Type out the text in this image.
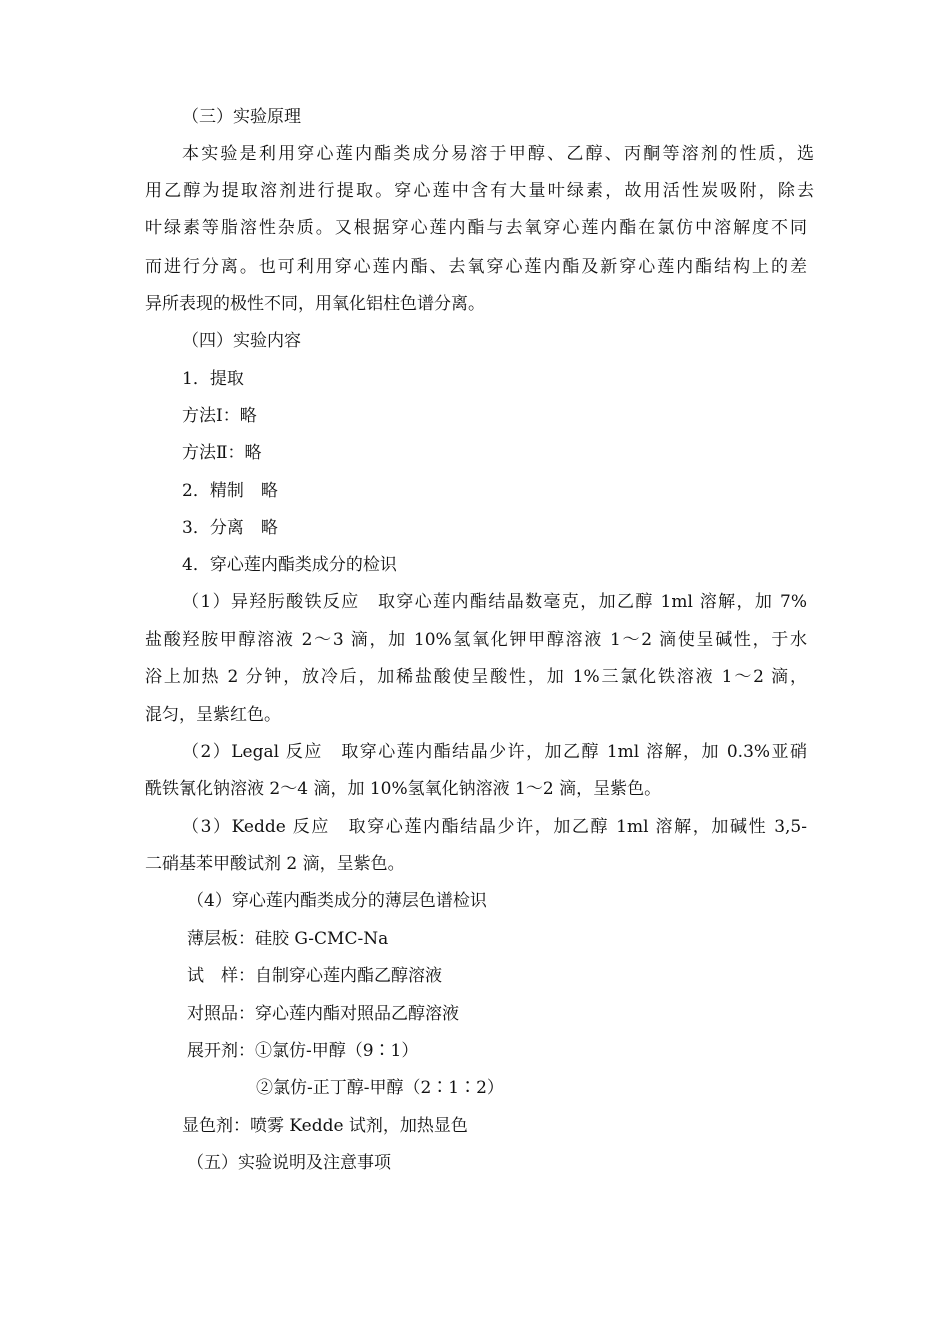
（三）实验原理
本实验是利用穿心莲内酯类成分易溶于甲醇、乙醇、丙酮等溶剂的性质，选
用乙醇为提取溶剂进行提取。穿心莲中含有大量叶绿素，故用活性炭吸附，除去
叶绿素等脂溶性杂质。又根据穿心莲内酯与去氧穿心莲内酯在氯仿中溶解度不同
而进行分离。也可利用穿心莲内酯、去氧穿心莲内酯及新穿心莲内酯结构上的差
异所表现的极性不同，用氧化铝柱色谱分离。
（四）实验内容
1．提取
方法Ⅰ：略
方法Ⅱ：略
2．精制　略
3．分离　略
4．穿心莲内酯类成分的检识
（1）异羟肟酸铁反应　取穿心莲内酯结晶数毫克，加乙醇 1ml 溶解，加 7%
盐酸羟胺甲醇溶液 2～3 滴，加 10%氢氧化钾甲醇溶液 1～2 滴使呈碱性，于水
浴上加热 2 分钟，放冷后，加稀盐酸使呈酸性，加 1%三氯化铁溶液 1～2 滴，
混匀，呈紫红色。
（2）Legal 反应　取穿心莲内酯结晶少许，加乙醇 1ml 溶解，加 0.3%亚硝
酰铁氰化钠溶液 2～4 滴，加 10%氢氧化钠溶液 1～2 滴，呈紫色。
（3）Kedde 反应　取穿心莲内酯结晶少许，加乙醇 1ml 溶解，加碱性 3,5-
二硝基苯甲酸试剂 2 滴，呈紫色。
（4）穿心莲内酯类成分的薄层色谱检识
薄层板：硅胶 G-CMC-Na
试　样：自制穿心莲内酯乙醇溶液
对照品：穿心莲内酯对照品乙醇溶液
展开剂：①氯仿-甲醇（9∶1）
②氯仿-正丁醇-甲醇（2∶1∶2）
显色剂：喷雾 Kedde 试剂，加热显色
（五）实验说明及注意事项
